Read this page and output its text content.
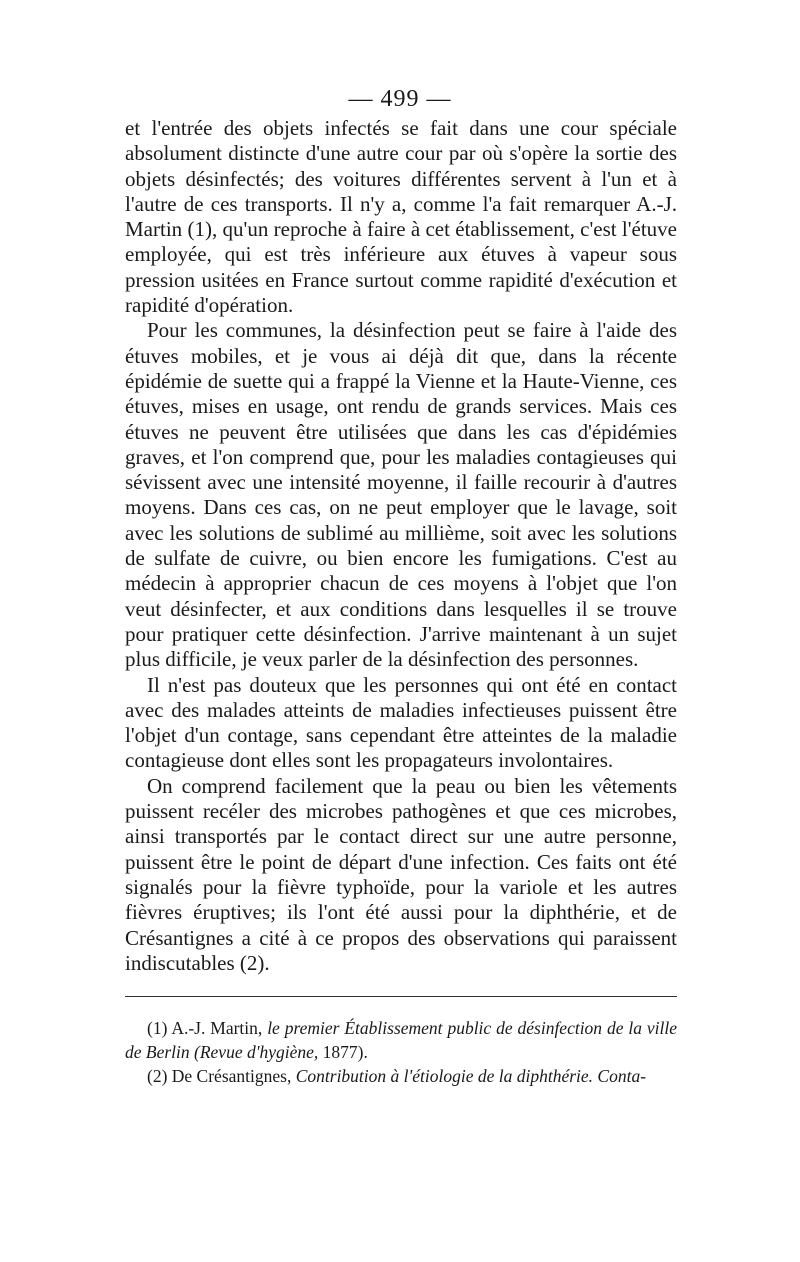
— 499 —

et l'entrée des objets infectés se fait dans une cour spéciale absolument distincte d'une autre cour par où s'opère la sortie des objets désinfectés; des voitures différentes servent à l'un et à l'autre de ces transports. Il n'y a, comme l'a fait remarquer A.-J. Martin (1), qu'un reproche à faire à cet établissement, c'est l'étuve employée, qui est très inférieure aux étuves à vapeur sous pression usitées en France surtout comme rapidité d'exécution et rapidité d'opération.

Pour les communes, la désinfection peut se faire à l'aide des étuves mobiles, et je vous ai déjà dit que, dans la récente épidémie de suette qui a frappé la Vienne et la Haute-Vienne, ces étuves, mises en usage, ont rendu de grands services. Mais ces étuves ne peuvent être utilisées que dans les cas d'épidémies graves, et l'on comprend que, pour les maladies contagieuses qui sévissent avec une intensité moyenne, il faille recourir à d'autres moyens. Dans ces cas, on ne peut employer que le lavage, soit avec les solutions de sublimé au millième, soit avec les solutions de sulfate de cuivre, ou bien encore les fumigations. C'est au médecin à approprier chacun de ces moyens à l'objet que l'on veut désinfecter, et aux conditions dans lesquelles il se trouve pour pratiquer cette désinfection. J'arrive maintenant à un sujet plus difficile, je veux parler de la désinfection des personnes.

Il n'est pas douteux que les personnes qui ont été en contact avec des malades atteints de maladies infectieuses puissent être l'objet d'un contage, sans cependant être atteintes de la maladie contagieuse dont elles sont les propagateurs involontaires.

On comprend facilement que la peau ou bien les vêtements puissent recéler des microbes pathogènes et que ces microbes, ainsi transportés par le contact direct sur une autre personne, puissent être le point de départ d'une infection. Ces faits ont été signalés pour la fièvre typhoïde, pour la variole et les autres fièvres éruptives; ils l'ont été aussi pour la diphthérie, et de Crésantignes a cité à ce propos des observations qui paraissent indiscutables (2).

(1) A.-J. Martin, le premier Établissement public de désinfection de la ville de Berlin (Revue d'hygiène, 1877).

(2) De Crésantignes, Contribution à l'étiologie de la diphthérie. Conta-
